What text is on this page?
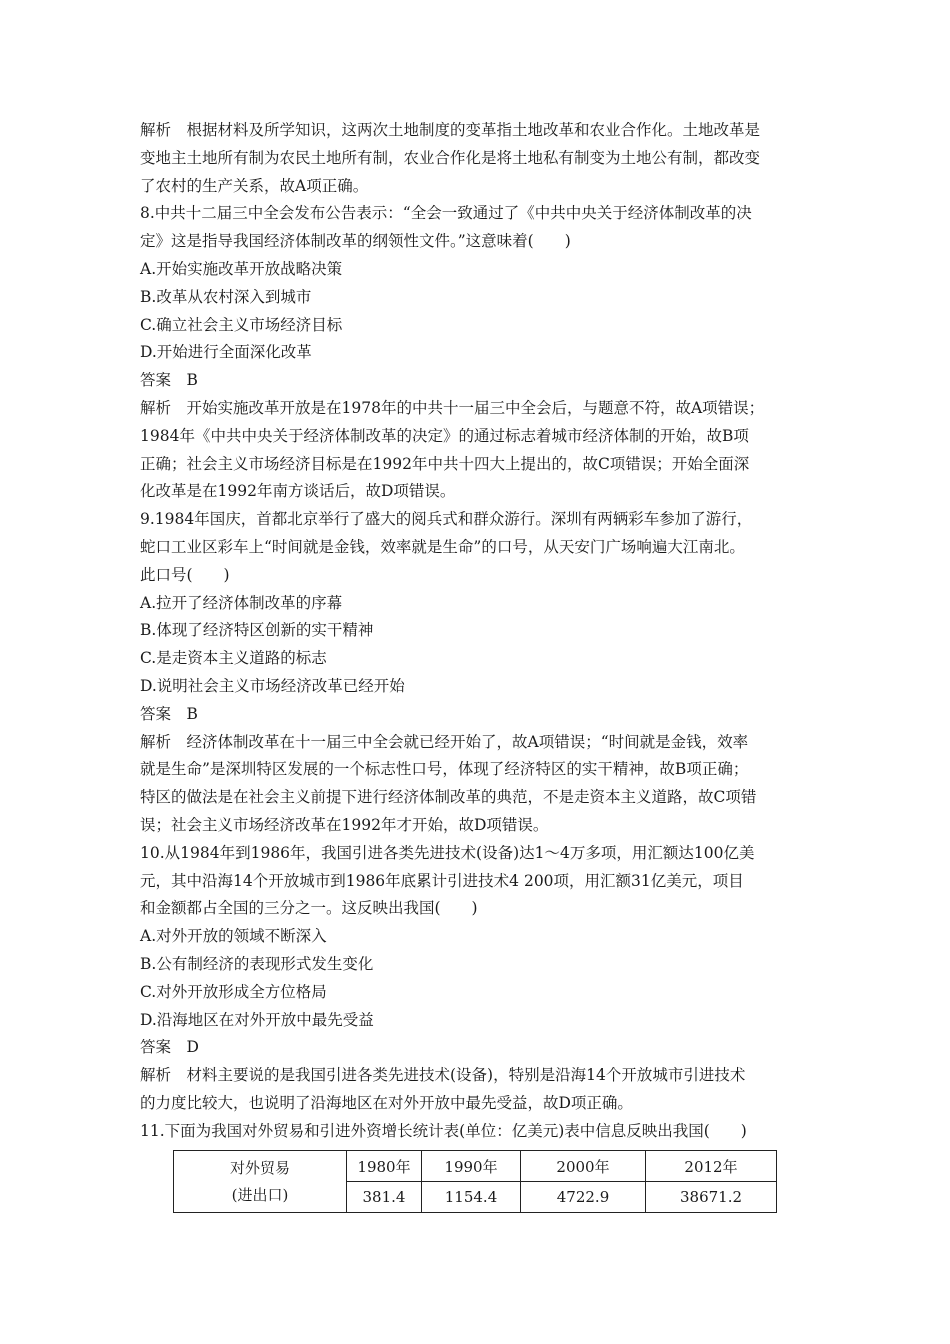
解析　根据材料及所学知识，这两次土地制度的变革指土地改革和农业合作化。土地改革是
变地主土地所有制为农民土地所有制，农业合作化是将土地私有制变为土地公有制，都改变
了农村的生产关系，故A项正确。
8.中共十二届三中全会发布公告表示：“全会一致通过了《中共中央关于经济体制改革的决
定》这是指导我国经济体制改革的纲领性文件。”这意味着(　　)
A.开始实施改革开放战略决策
B.改革从农村深入到城市
C.确立社会主义市场经济目标
D.开始进行全面深化改革
答案　B
解析　开始实施改革开放是在1978年的中共十一届三中全会后，与题意不符，故A项错误；
1984年《中共中央关于经济体制改革的决定》的通过标志着城市经济体制的开始，故B项
正确；社会主义市场经济目标是在1992年中共十四大上提出的，故C项错误；开始全面深
化改革是在1992年南方谈话后，故D项错误。
9.1984年国庆，首都北京举行了盛大的阅兵式和群众游行。深圳有两辆彩车参加了游行，
蛇口工业区彩车上“时间就是金钱，效率就是生命”的口号，从天安门广场响遍大江南北。
此口号(　　)
A.拉开了经济体制改革的序幕
B.体现了经济特区创新的实干精神
C.是走资本主义道路的标志
D.说明社会主义市场经济改革已经开始
答案　B
解析　经济体制改革在十一届三中全会就已经开始了，故A项错误；“时间就是金钱，效率
就是生命”是深圳特区发展的一个标志性口号，体现了经济特区的实干精神，故B项正确；
特区的做法是在社会主义前提下进行经济体制改革的典范，不是走资本主义道路，故C项错
误；社会主义市场经济改革在1992年才开始，故D项错误。
10.从1984年到1986年，我国引进各类先进技术(设备)达1～4万多项，用汇额达100亿美
元，其中沿海14个开放城市到1986年底累计引进技术4 200项，用汇额31亿美元，项目
和金额都占全国的三分之一。这反映出我国(　　)
A.对外开放的领域不断深入
B.公有制经济的表现形式发生变化
C.对外开放形成全方位格局
D.沿海地区在对外开放中最先受益
答案　D
解析　材料主要说的是我国引进各类先进技术(设备)，特别是沿海14个开放城市引进技术
的力度比较大，也说明了沿海地区在对外开放中最先受益，故D项正确。
11.下面为我国对外贸易和引进外资增长统计表(单位：亿美元)表中信息反映出我国(　　)
对外贸易
(进出口)	1980年	1990年	2000年	2012年
	381.4	1154.4	4722.9	38671.2
